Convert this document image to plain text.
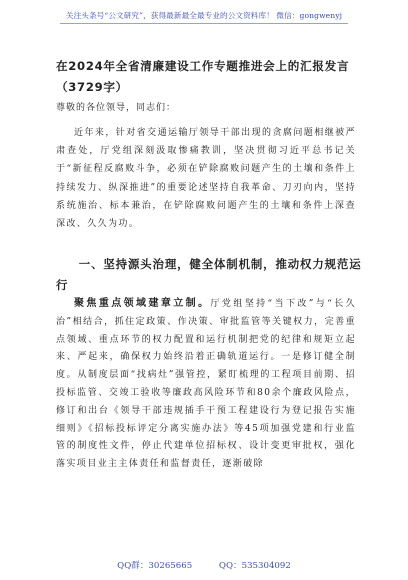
关注头条号“公文研究”，获得最新最全最专业的公文资料库！ 微信：gongwenyj
在2024年全省清廉建设工作专题推进会上的汇报发言（3729字）
尊敬的各位领导，同志们：

近年来，针对省交通运输厅领导干部出现的贪腐问题相继被严肃查处，厅党组深刻汲取惨痛教训，坚决贯彻习近平总书记关于“新征程反腐败斗争，必须在铲除腐败问题产生的土壤和条件上持续发力、纵深推进”的重要论述坚持自我革命、刀刃向内，坚持系统施治、标本兼治，在铲除腐败问题产生的土壤和条件上深查深改、久久为功。

一、坚持源头治理，健全体制机制，推动权力规范运行

聚焦重点领域建章立制。厅党组坚持“当下改”与“长久治”相结合，抓住定政策、作决策、审批监管等关键权力，完善重点领域、重点环节的权力配置和运行机制把党的纪律和规矩立起来、严起来，确保权力始终沿着正确轨道运行。一是修订健全制度。从制度层面“找病灶”强管控，紧盯梳理的工程项目前期、招投标监管、交竣工验收等廉政高风险环节和80余个廉政风险点，修订和出台《领导干部违规插手干预工程建设行为登记报告实施细则》《招标投标评定分离实施办法》等45项加强党建和行业监管的制度性文件，停止代建单位招标权、设计变更审批权，强化落实项目业主主体责任和监督责任，逐渐破除

QQ群：30265665	QQ：535304092
